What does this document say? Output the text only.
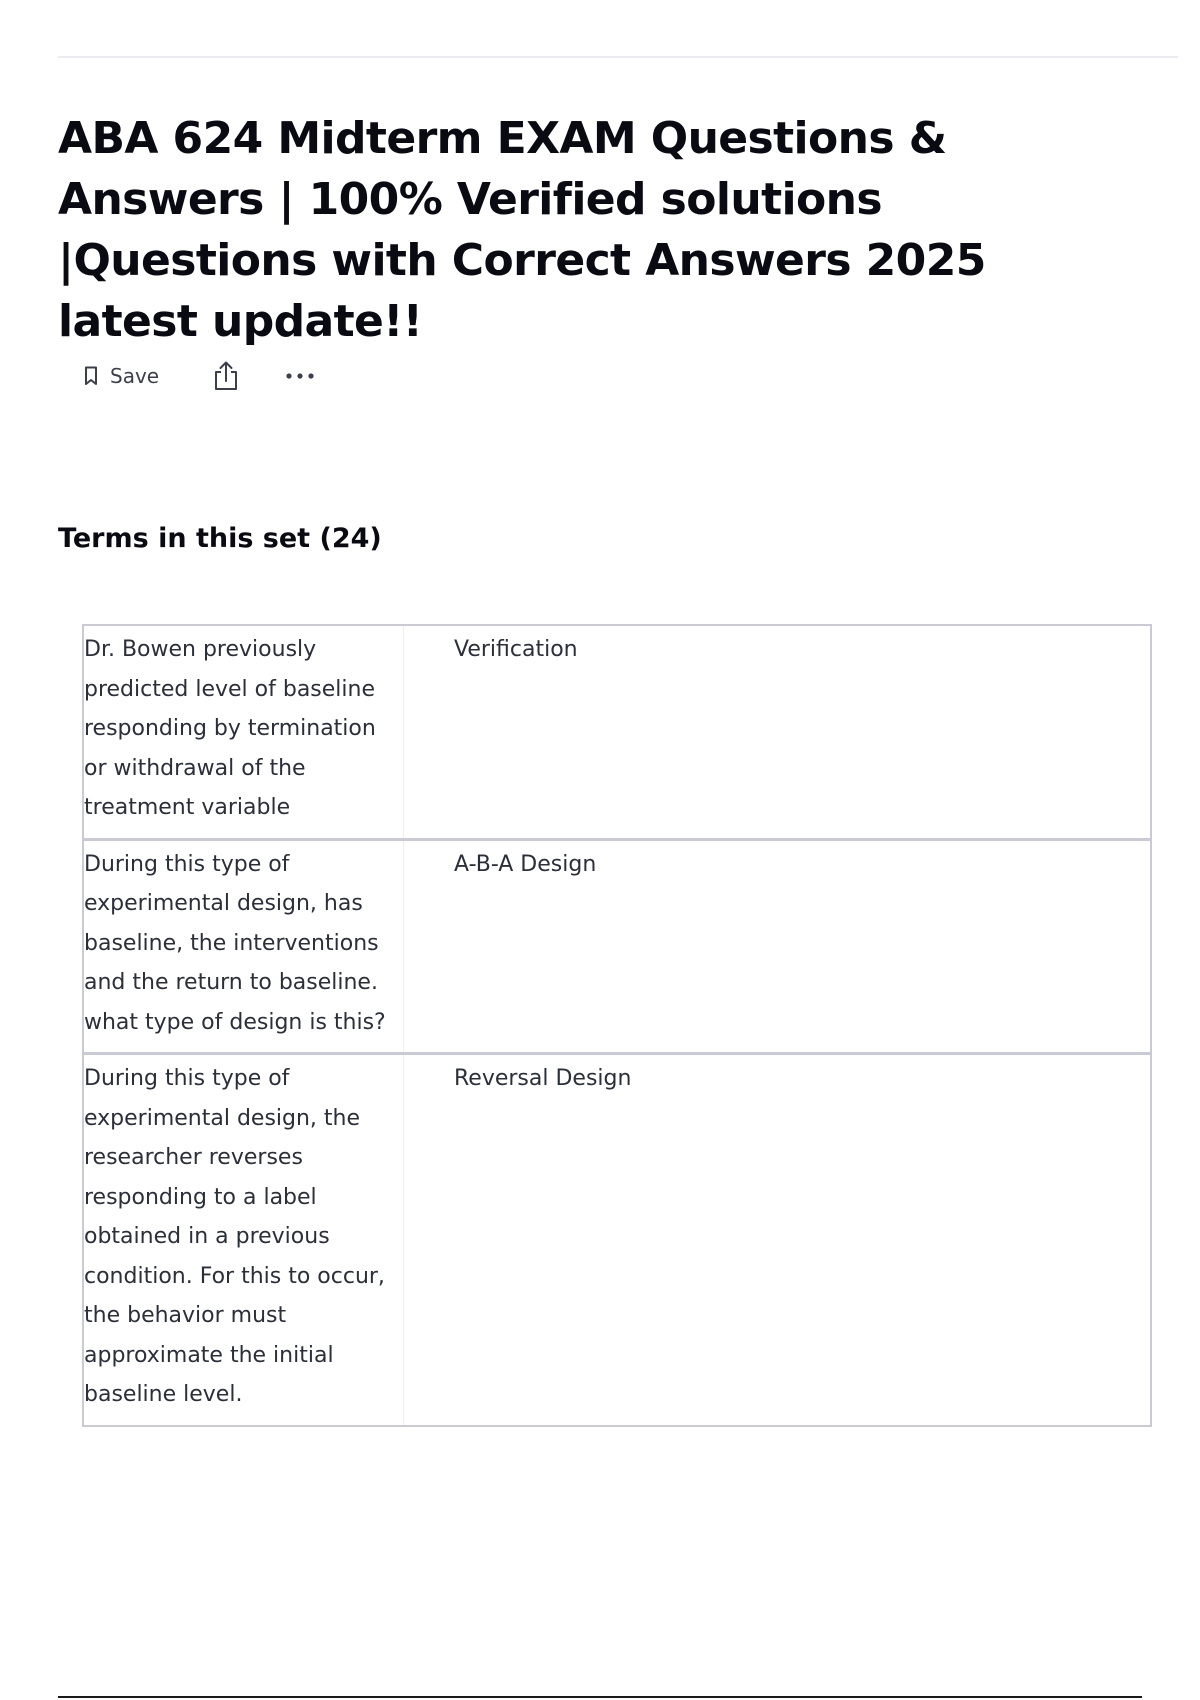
ABA 624 Midterm EXAM Questions & Answers | 100% Verified solutions |Questions with Correct Answers 2025 latest update!!
Save
Terms in this set (24)
Dr. Bowen previously predicted level of baseline responding by termination or withdrawal of the treatment variable
Verification
During this type of experimental design, has baseline, the interventions and the return to baseline. what type of design is this?
A-B-A Design
During this type of experimental design, the researcher reverses responding to a label obtained in a previous condition. For this to occur, the behavior must approximate the initial baseline level.
Reversal Design
